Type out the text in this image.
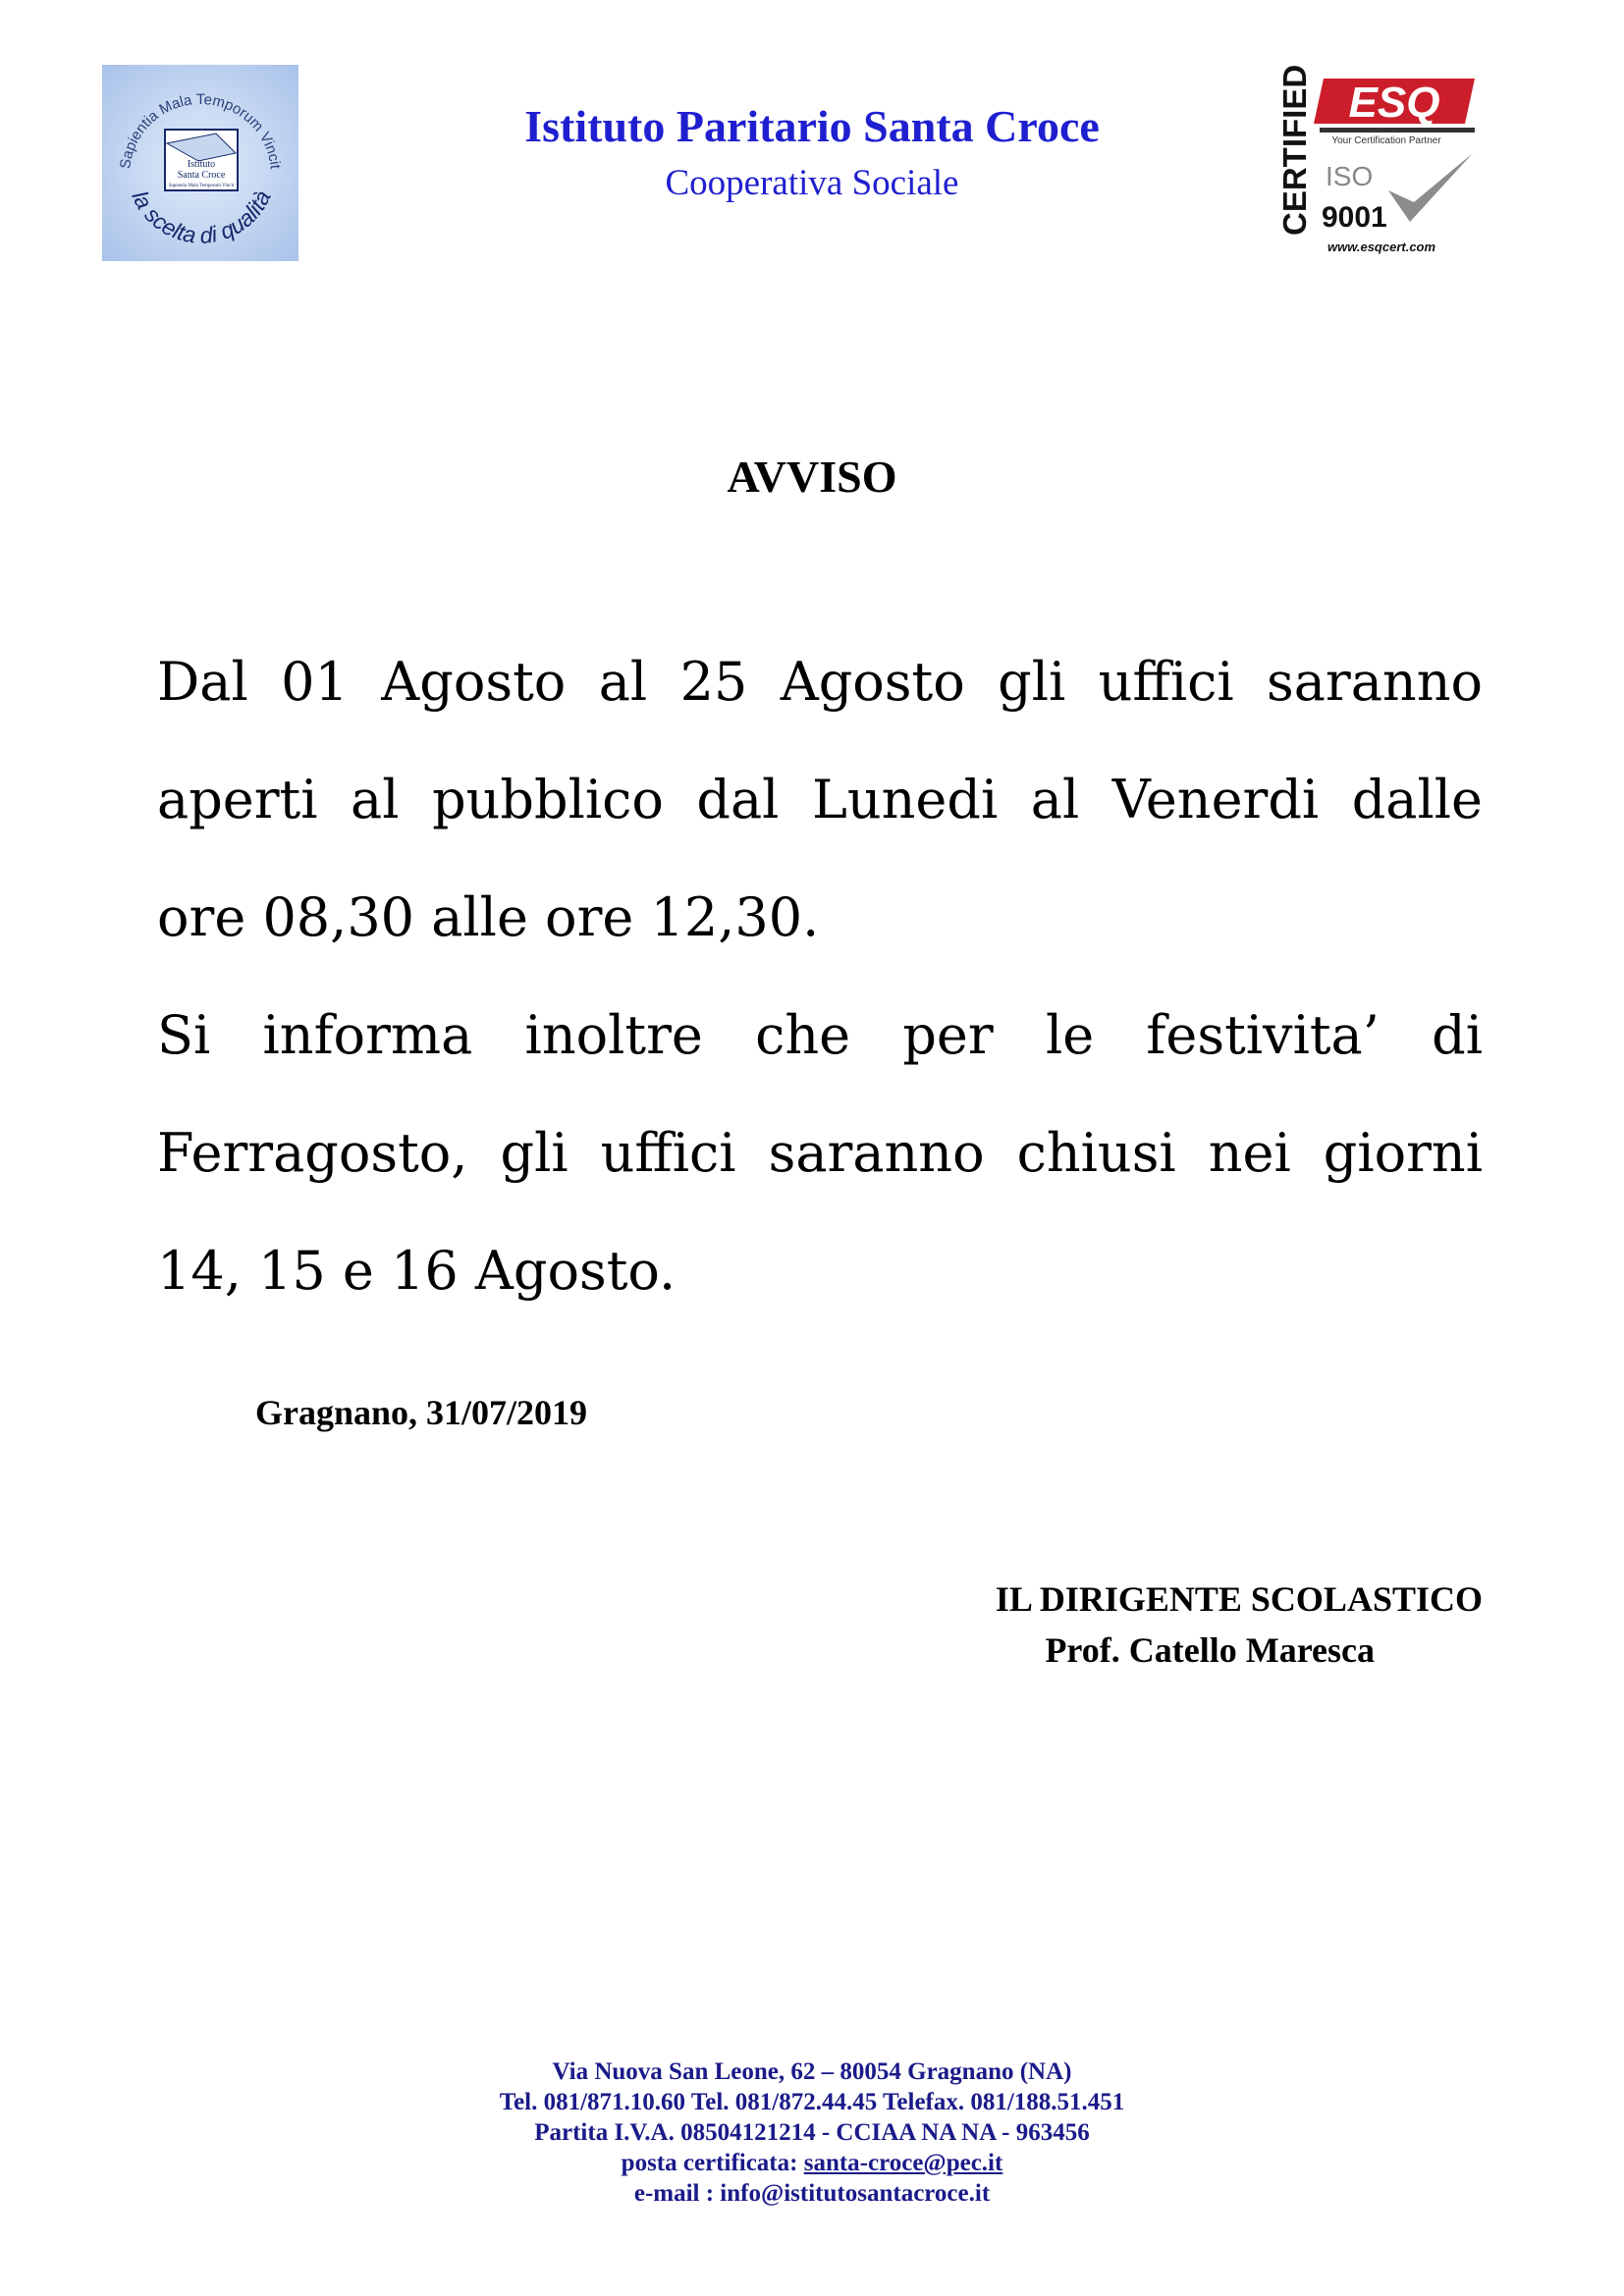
Sapientia Mala Temporum Vincit
la scelta di qualità
Istituto
Santa Croce
Sapientia Mala Temporum Vincit
Istituto Paritario Santa Croce
Cooperativa Sociale	CERTIFIED ESQ
Your Certification Partner
ISO
9001
www.esqcert.com
AVVISO
Dal 01 Agosto al 25 Agosto gli uffici saranno
aperti al pubblico dal Lunedi al Venerdi dalle
ore 08,30 alle ore 12,30.
Si informa inoltre che per le festivita’ di
Ferragosto, gli uffici saranno chiusi nei giorni
14, 15 e 16 Agosto.
Gragnano, 31/07/2019
IL DIRIGENTE SCOLASTICO
Prof. Catello Maresca
Via Nuova San Leone, 62 – 80054 Gragnano (NA)
Tel. 081/871.10.60 Tel. 081/872.44.45 Telefax. 081/188.51.451
Partita I.V.A. 08504121214 - CCIAA NA NA - 963456
posta certificata: santa-croce@pec.it
e-mail : info@istitutosantacroce.it
